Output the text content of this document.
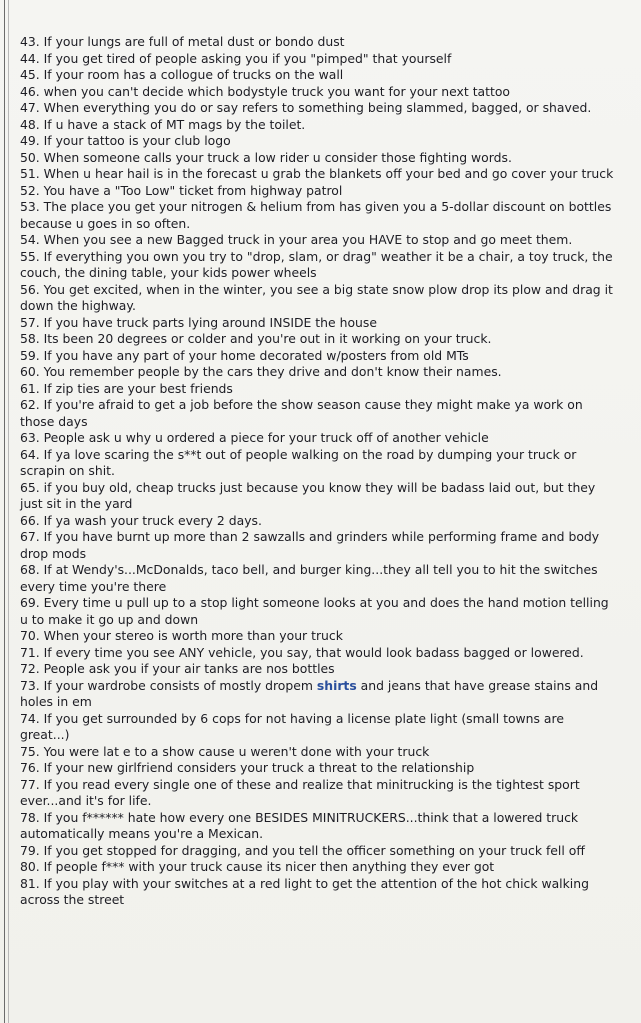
43. If your lungs are full of metal dust or bondo dust
44. If you get tired of people asking you if you "pimped" that yourself
45. If your room has a collogue of trucks on the wall
46. when you can't decide which bodystyle truck you want for your next tattoo
47. When everything you do or say refers to something being slammed, bagged, or shaved.
48. If u have a stack of MT mags by the toilet.
49. If your tattoo is your club logo
50. When someone calls your truck a low rider u consider those fighting words.
51. When u hear hail is in the forecast u grab the blankets off your bed and go cover your truck
52. You have a "Too Low" ticket from highway patrol
53. The place you get your nitrogen & helium from has given you a 5-dollar discount on bottles because u goes in so often.
54. When you see a new Bagged truck in your area you HAVE to stop and go meet them.
55. If everything you own you try to "drop, slam, or drag" weather it be a chair, a toy truck, the couch, the dining table, your kids power wheels
56. You get excited, when in the winter, you see a big state snow plow drop its plow and drag it down the highway.
57. If you have truck parts lying around INSIDE the house
58. Its been 20 degrees or colder and you're out in it working on your truck.
59. If you have any part of your home decorated w/posters from old MTs
60. You remember people by the cars they drive and don't know their names.
61. If zip ties are your best friends
62. If you're afraid to get a job before the show season cause they might make ya work on those days
63. People ask u why u ordered a piece for your truck off of another vehicle
64. If ya love scaring the s**t out of people walking on the road by dumping your truck or scrapin on shit.
65. if you buy old, cheap trucks just because you know they will be badass laid out, but they just sit in the yard
66. If ya wash your truck every 2 days.
67. If you have burnt up more than 2 sawzalls and grinders while performing frame and body drop mods
68. If at Wendy's...McDonalds, taco bell, and burger king...they all tell you to hit the switches every time you're there
69. Every time u pull up to a stop light someone looks at you and does the hand motion telling u to make it go up and down
70. When your stereo is worth more than your truck
71. If every time you see ANY vehicle, you say, that would look badass bagged or lowered.
72. People ask you if your air tanks are nos bottles
73. If your wardrobe consists of mostly dropem shirts and jeans that have grease stains and holes in em
74. If you get surrounded by 6 cops for not having a license plate light (small towns are great...)
75. You were lat e to a show cause u weren't done with your truck
76. If your new girlfriend considers your truck a threat to the relationship
77. If you read every single one of these and realize that minitrucking is the tightest sport ever...and it's for life.
78. If you f****** hate how every one BESIDES MINITRUCKERS...think that a lowered truck automatically means you're a Mexican.
79. If you get stopped for dragging, and you tell the officer something on your truck fell off
80. If people f*** with your truck cause its nicer then anything they ever got
81. If you play with your switches at a red light to get the attention of the hot chick walking across the street
